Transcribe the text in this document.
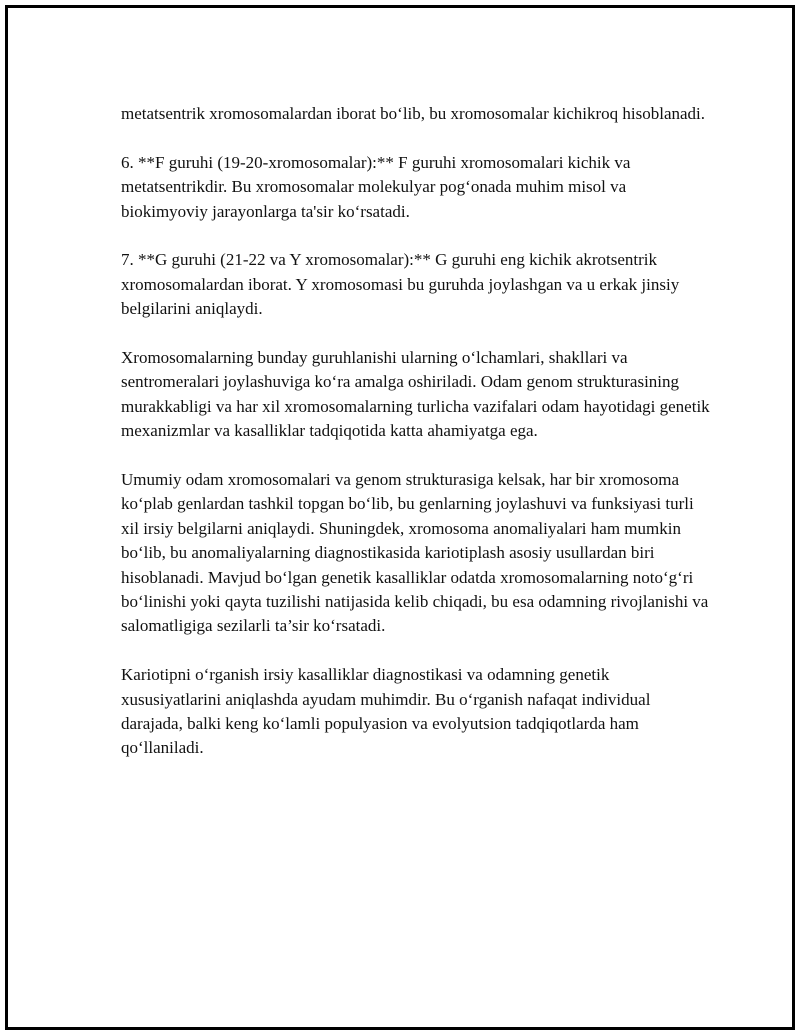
metatsentrik xromosomalardan iborat bo‘lib, bu xromosomalar kichikroq hisoblanadi.

6. **F guruhi (19-20-xromosomalar):** F guruhi xromosomalari kichik va metatsentrikdir. Bu xromosomalar molekulyar pog‘onada muhim misol va biokimyoviy jarayonlarga ta'sir ko‘rsatadi.

7. **G guruhi (21-22 va Y xromosomalar):** G guruhi eng kichik akrotsentrik xromosomalardan iborat. Y xromosomasi bu guruhda joylashgan va u erkak jinsiy belgilarini aniqlaydi.

Xromosomalarning bunday guruhlanishi ularning o‘lchamlari, shakllari va sentromeralari joylashuviga ko‘ra amalga oshiriladi. Odam genom strukturasining murakkabligi va har xil xromosomalarning turlicha vazifalari odam hayotidagi genetik mexanizmlar va kasalliklar tadqiqotida katta ahamiyatga ega.

Umumiy odam xromosomalari va genom strukturasiga kelsak, har bir xromosoma ko‘plab genlardan tashkil topgan bo‘lib, bu genlarning joylashuvi va funksiyasi turli xil irsiy belgilarni aniqlaydi. Shuningdek, xromosoma anomaliyalari ham mumkin bo‘lib, bu anomaliyalarning diagnostikasida kariotiplash asosiy usullardan biri hisoblanadi. Mavjud bo‘lgan genetik kasalliklar odatda xromosomalarning noto‘g‘ri bo‘linishi yoki qayta tuzilishi natijasida kelib chiqadi, bu esa odamning rivojlanishi va salomatligiga sezilarli ta’sir ko‘rsatadi.

Kariotipni o‘rganish irsiy kasalliklar diagnostikasi va odamning genetik xususiyatlarini aniqlashda ayudam muhimdir. Bu o‘rganish nafaqat individual darajada, balki keng ko‘lamli populyasion va evolyutsion tadqiqotlarda ham qo‘llaniladi.
